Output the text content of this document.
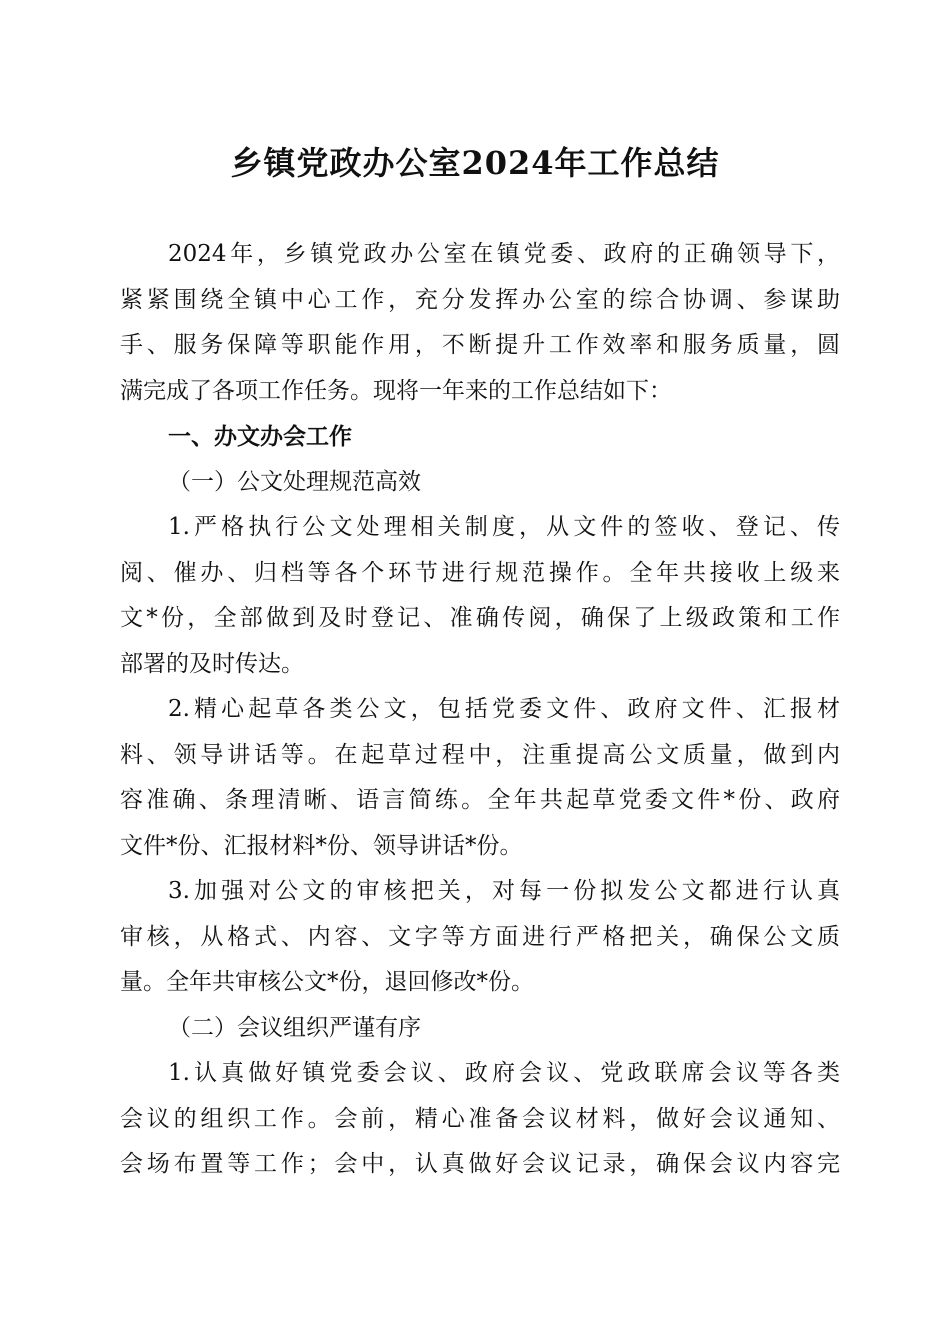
乡镇党政办公室2024年工作总结
2024年，乡镇党政办公室在镇党委、政府的正确领导下，
紧紧围绕全镇中心工作，充分发挥办公室的综合协调、参谋助
手、服务保障等职能作用，不断提升工作效率和服务质量，圆
满完成了各项工作任务。现将一年来的工作总结如下：
一、办文办会工作
（一）公文处理规范高效
1.严格执行公文处理相关制度，从文件的签收、登记、传
阅、催办、归档等各个环节进行规范操作。全年共接收上级来
文*份，全部做到及时登记、准确传阅，确保了上级政策和工作
部署的及时传达。
2.精心起草各类公文，包括党委文件、政府文件、汇报材
料、领导讲话等。在起草过程中，注重提高公文质量，做到内
容准确、条理清晰、语言简练。全年共起草党委文件*份、政府
文件*份、汇报材料*份、领导讲话*份。
3.加强对公文的审核把关，对每一份拟发公文都进行认真
审核，从格式、内容、文字等方面进行严格把关，确保公文质
量。全年共审核公文*份，退回修改*份。
（二）会议组织严谨有序
1.认真做好镇党委会议、政府会议、党政联席会议等各类
会议的组织工作。会前，精心准备会议材料，做好会议通知、
会场布置等工作；会中，认真做好会议记录，确保会议内容完
